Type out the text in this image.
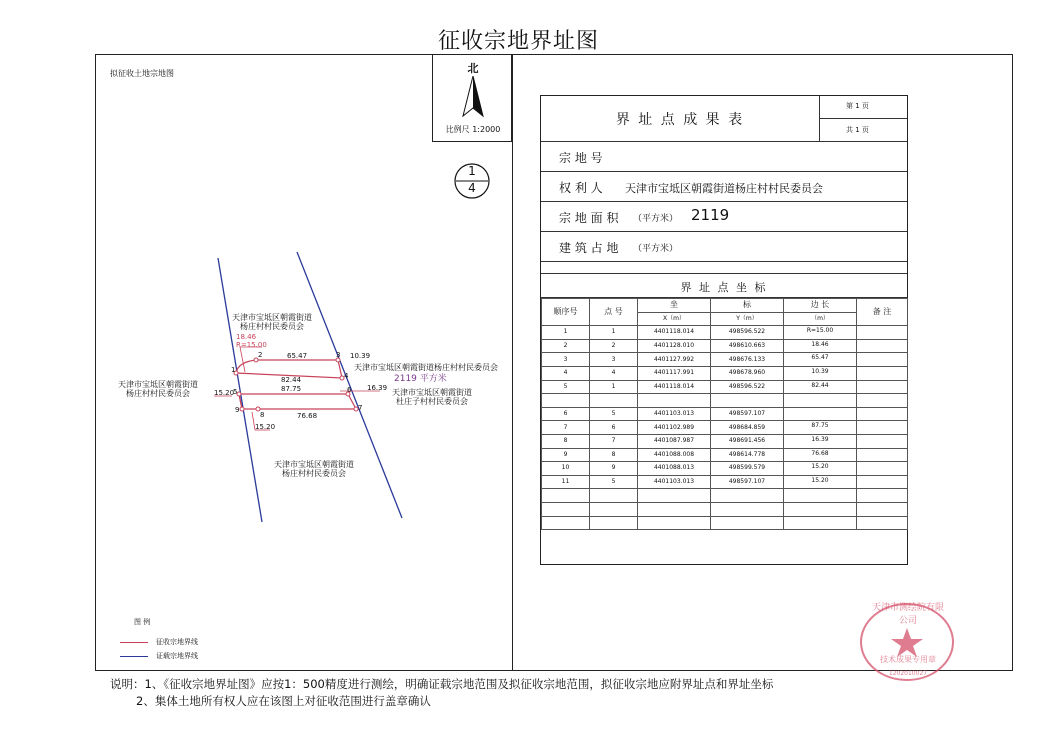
征收宗地界址图
拟征收土地宗地图	北
比例尺 1:2000
1
4
1
2	3
4
5	6
7
8
9
18.46
R=15.00
65.47	10.39
82.44
87.75	16.39
76.68
15.20
15.20
天津市宝坻区朝霞街道
杨庄村村民委员会
天津市宝坻区朝霞街道
杨庄村村民委员会
天津市宝坻区朝霞街道杨庄村村民委员会
2119 平方米
天津市宝坻区朝霞街道
杜庄子村村民委员会
天津市宝坻区朝霞街道
杨庄村村民委员会
图 例
征收宗地界线
证载宗地界线
界 址 点 成 果 表
第 1 页
共 1 页
宗 地 号
权 利 人 天津市宝坻区朝霞街道杨庄村村民委员会
宗 地 面 积 （平方米） 2119
建 筑 占 地 （平方米）
界 址 点 坐 标
顺序号	点 号	坐	标	边 长	备 注
		X（m）	Y（m）	（m）	
1	1	4401118.014	498596.522	R=15.00	
2	2	4401128.010	498610.663	18.46	
3	3	4401127.992	498676.133	65.47	
4	4	4401117.991	498678.960	10.39	
5	1	4401118.014	498596.522	82.44	

6	5	4401103.013	498597.107		
7	6	4401102.989	498684.859	87.75	
8	7	4401087.987	498691.456	16.39	
9	8	4401088.008	498614.778	76.68	
10	9	4401088.013	498599.579	15.20	
11	5	4401103.013	498597.107	15.20	

天津市测绘院有限公司
技术成果专用章
1202010027
说明：1、《征收宗地界址图》应按1：500精度进行测绘，明确证载宗地范围及拟征收宗地范围，拟征收宗地应附界址点和界址坐标
2、集体土地所有权人应在该图上对征收范围进行盖章确认
